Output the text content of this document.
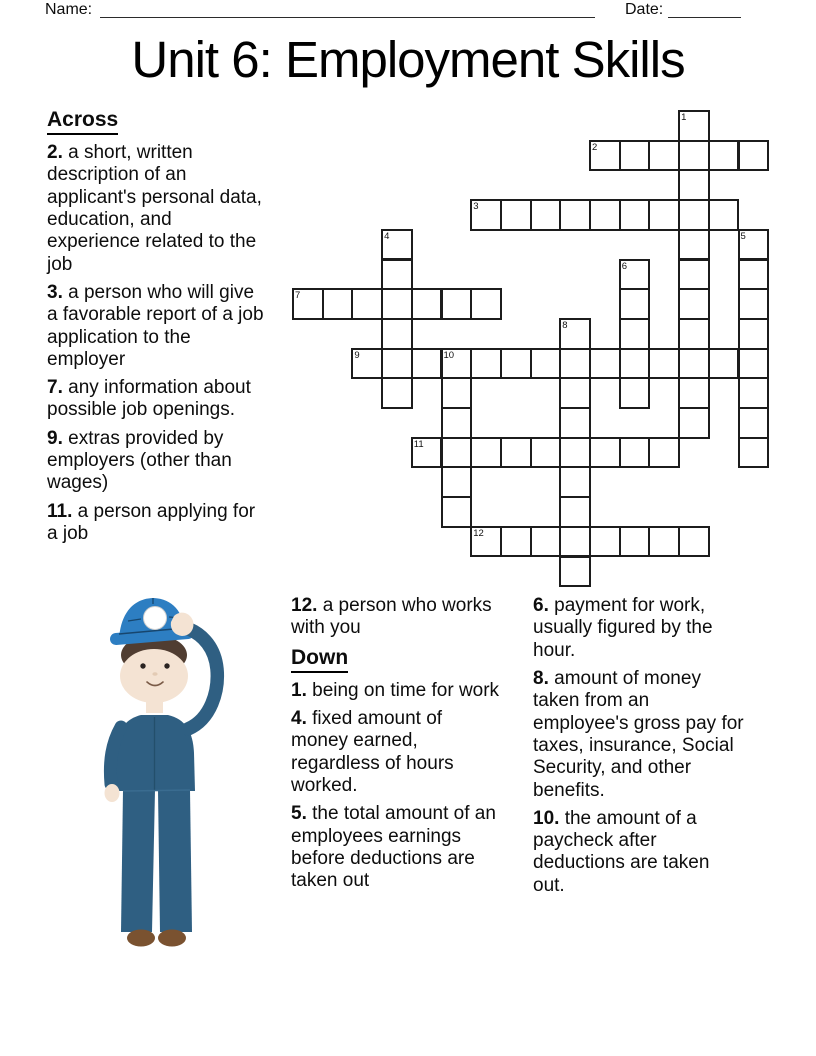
Name:	Date:
Unit 6: Employment Skills
Across

2. a short, written description of an applicant's personal data, education, and experience related to the job

3. a person who will give a favorable report of a job application to the employer

7. any information about possible job openings.

9. extras provided by employers (other than wages)

11. a person applying for a job

1
2
3
4	5
6
7
8
9	10
11
12

12. a person who works with you

Down

1. being on time for work

4. fixed amount of money earned, regardless of hours worked.

5. the total amount of an employees earnings before deductions are taken out

6. payment for work, usually figured by the hour.

8. amount of money taken from an employee's gross pay for taxes, insurance, Social Security, and other benefits.

10. the amount of a paycheck after deductions are taken out.
